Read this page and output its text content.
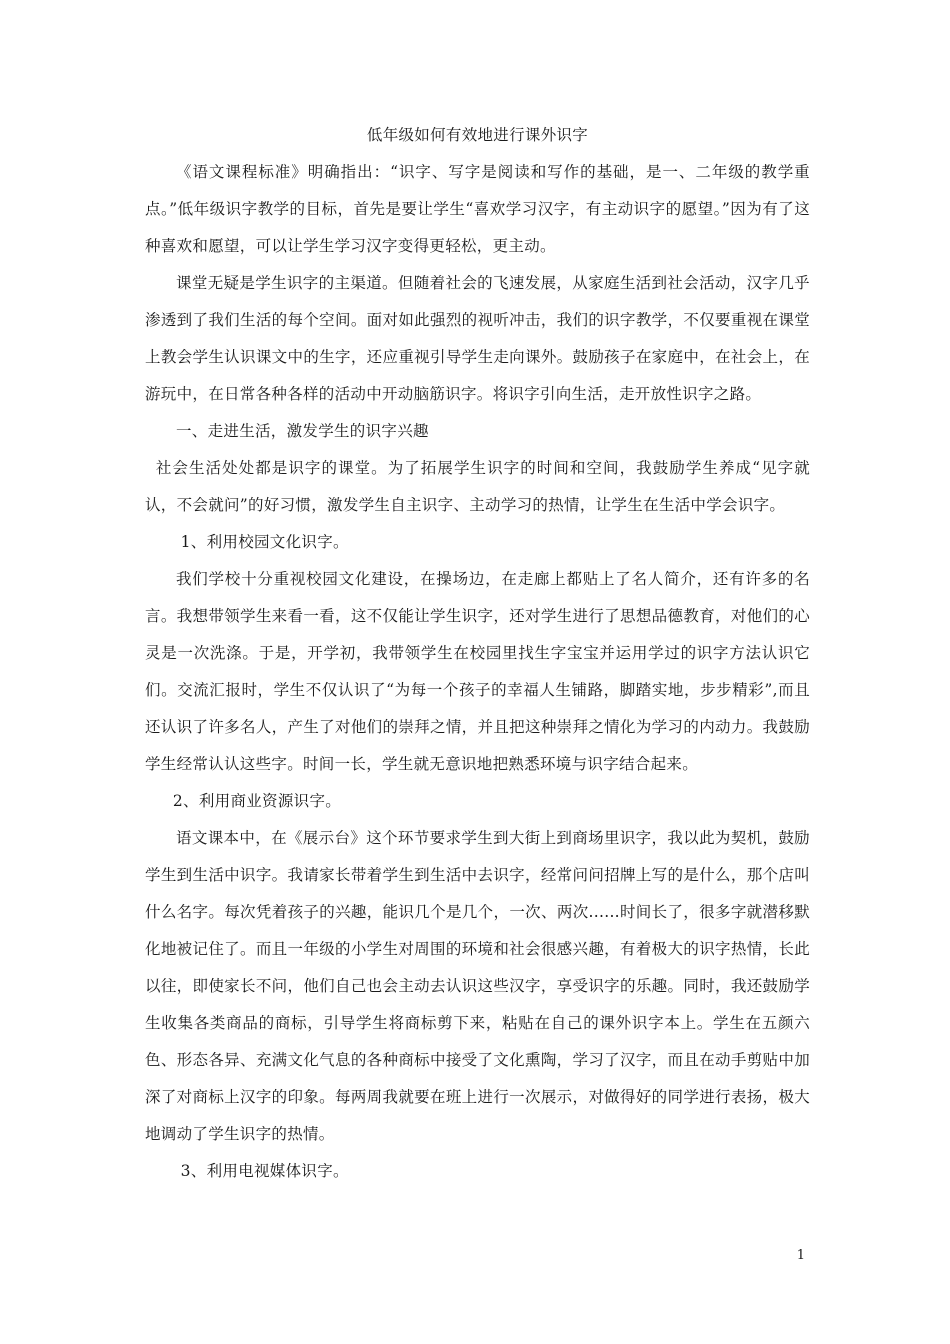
低年级如何有效地进行课外识字

《语文课程标准》明确指出：“识字、写字是阅读和写作的基础，是一、二年级的教学重点。”低年级识字教学的目标，首先是要让学生“喜欢学习汉字，有主动识字的愿望。”因为有了这种喜欢和愿望，可以让学生学习汉字变得更轻松，更主动。

课堂无疑是学生识字的主渠道。但随着社会的飞速发展，从家庭生活到社会活动，汉字几乎渗透到了我们生活的每个空间。面对如此强烈的视听冲击，我们的识字教学，不仅要重视在课堂上教会学生认识课文中的生字，还应重视引导学生走向课外。鼓励孩子在家庭中，在社会上，在游玩中，在日常各种各样的活动中开动脑筋识字。将识字引向生活，走开放性识字之路。

一、走进生活，激发学生的识字兴趣

社会生活处处都是识字的课堂。为了拓展学生识字的时间和空间，我鼓励学生养成“见字就认，不会就问”的好习惯，激发学生自主识字、主动学习的热情，让学生在生活中学会识字。

1、利用校园文化识字。

我们学校十分重视校园文化建设，在操场边，在走廊上都贴上了名人简介，还有许多的名言。我想带领学生来看一看，这不仅能让学生识字，还对学生进行了思想品德教育，对他们的心灵是一次洗涤。于是，开学初，我带领学生在校园里找生字宝宝并运用学过的识字方法认识它们。交流汇报时，学生不仅认识了“为每一个孩子的幸福人生铺路，脚踏实地，步步精彩”,而且还认识了许多名人，产生了对他们的崇拜之情，并且把这种崇拜之情化为学习的内动力。我鼓励学生经常认认这些字。时间一长，学生就无意识地把熟悉环境与识字结合起来。

2、利用商业资源识字。

语文课本中，在《展示台》这个环节要求学生到大街上到商场里识字，我以此为契机，鼓励学生到生活中识字。我请家长带着学生到生活中去识字，经常问问招牌上写的是什么，那个店叫什么名字。每次凭着孩子的兴趣，能识几个是几个，一次、两次......时间长了，很多字就潜移默化地被记住了。而且一年级的小学生对周围的环境和社会很感兴趣，有着极大的识字热情，长此以往，即使家长不问，他们自己也会主动去认识这些汉字，享受识字的乐趣。同时，我还鼓励学生收集各类商品的商标，引导学生将商标剪下来，粘贴在自己的课外识字本上。学生在五颜六色、形态各异、充满文化气息的各种商标中接受了文化熏陶，学习了汉字，而且在动手剪贴中加深了对商标上汉字的印象。每两周我就要在班上进行一次展示，对做得好的同学进行表扬，极大地调动了学生识字的热情。

3、利用电视媒体识字。

1
